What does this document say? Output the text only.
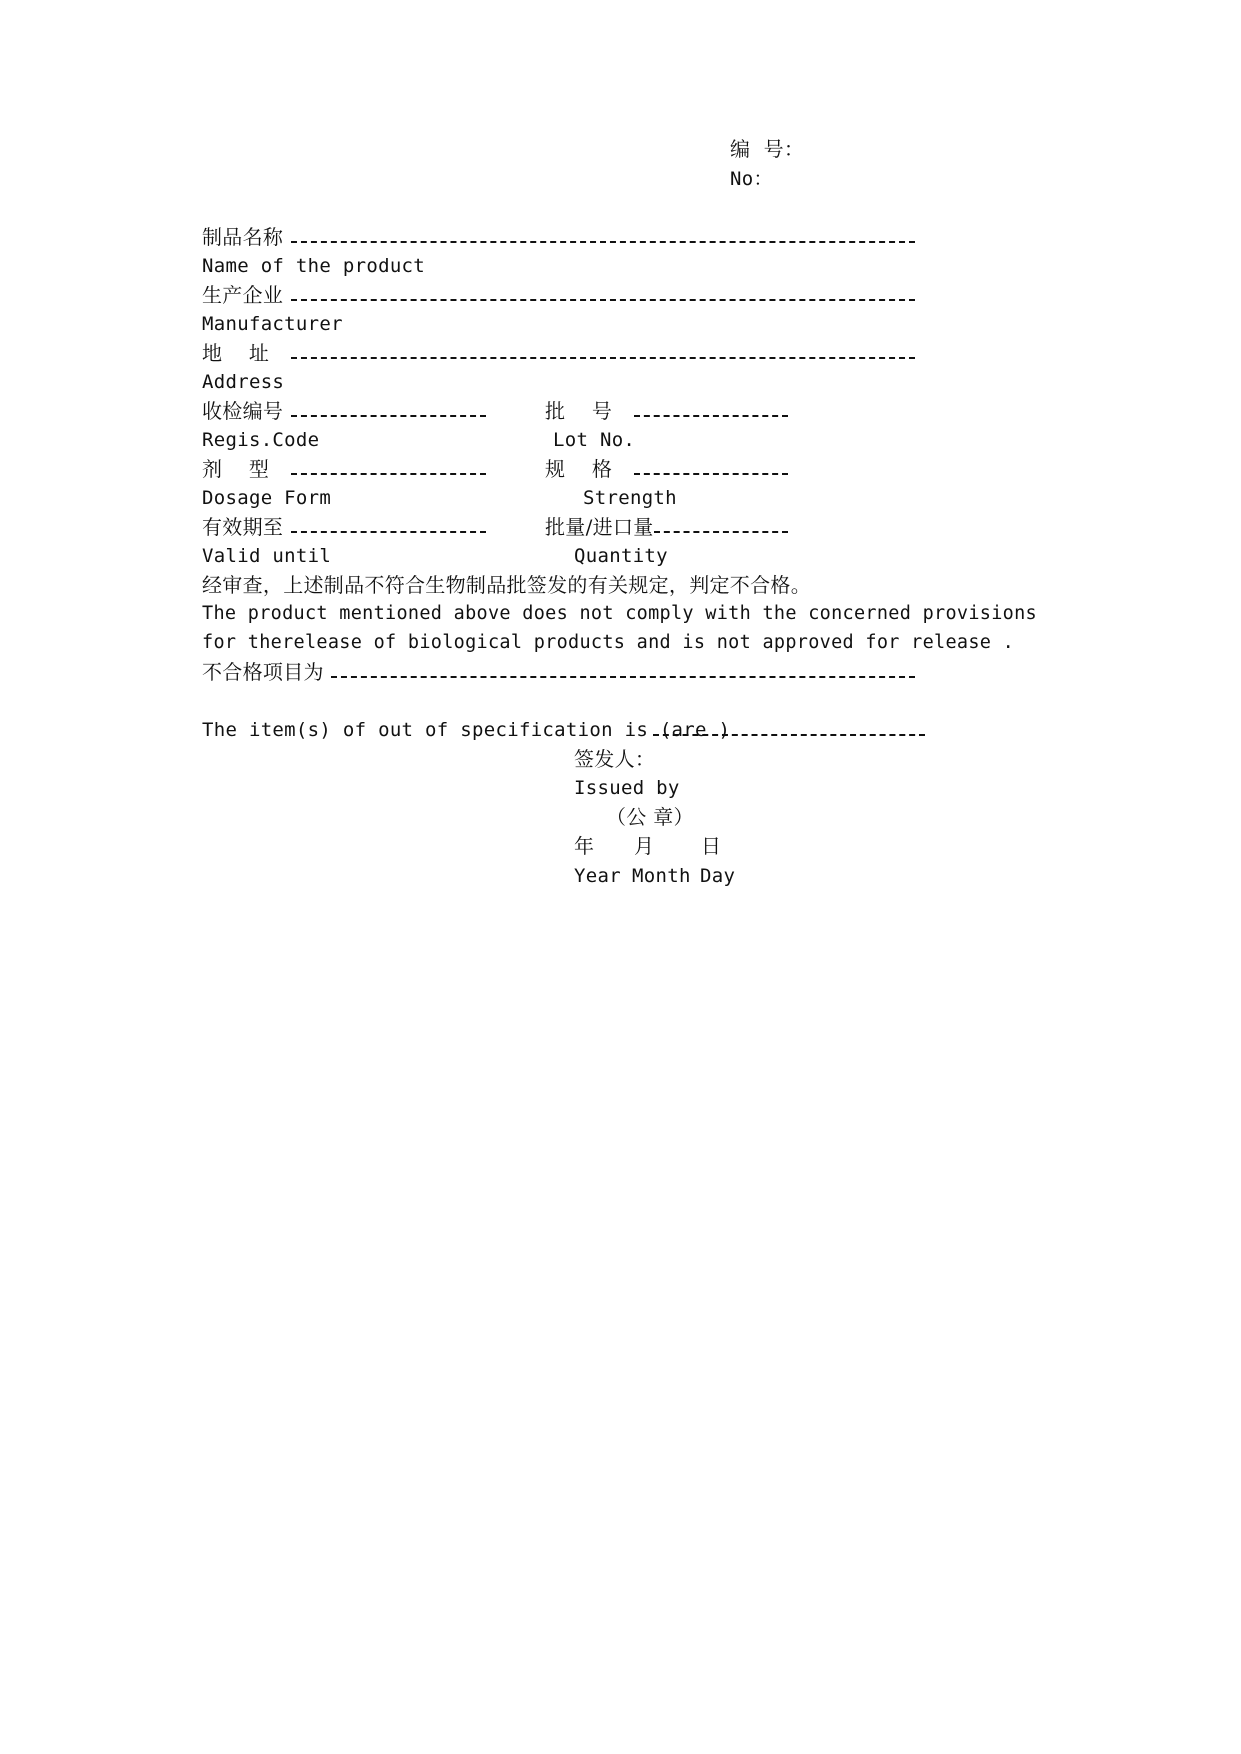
编  号：
No：
制品名称
Name of the product
生产企业
Manufacturer
地    址
Address
收检编号	批    号
Regis.Code	Lot No.
剂    型	规    格
Dosage Form	Strength
有效期至	批量/进口量
Valid until	Quantity
经审查，上述制品不符合生物制品批签发的有关规定，判定不合格。
The product mentioned above does not comply with the concerned provisions
for therelease of biological products and is not approved for release .
不合格项目为
The item(s) of out of specification is (are )
签发人：
Issued by
（公 章）
年 月 日
Year Month Day
